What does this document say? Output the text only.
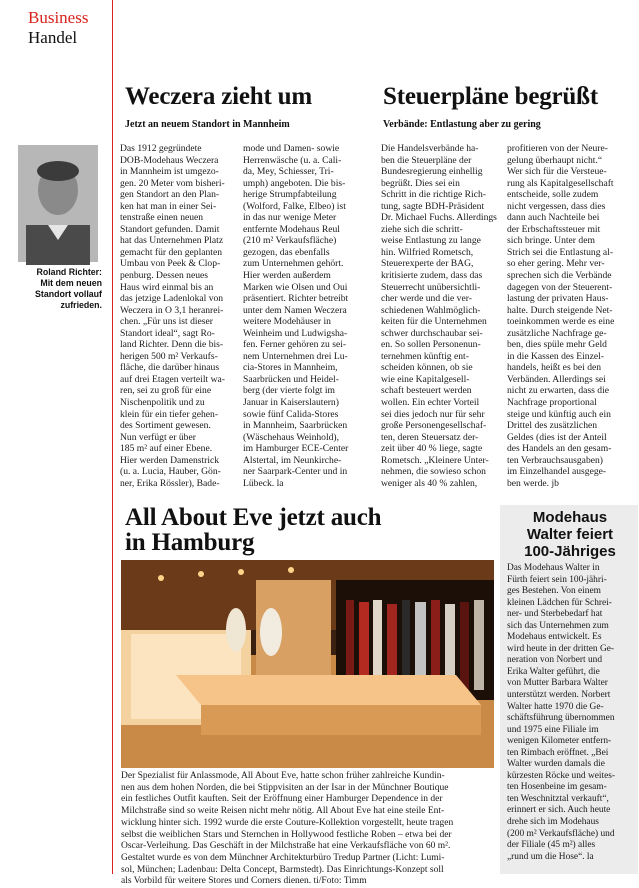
Business
Handel
Roland Richter:
Mit dem neuen
Standort vollauf
zufrieden.
Weczera zieht um
Jetzt an neuem Standort in Mannheim
Das 1912 gegründete
DOB-Modehaus Weczera
in Mannheim ist umgezo-
gen. 20 Meter vom bisheri-
gen Standort an den Plan-
ken hat man in einer Sei-
tenstraße einen neuen
Standort gefunden. Damit
hat das Unternehmen Platz
gemacht für den geplanten
Umbau von Peek & Clop-
penburg. Dessen neues
Haus wird einmal bis an
das jetzige Ladenlokal von
Weczera in O 3,1 heranrei-
chen. „Für uns ist dieser
Standort ideal“, sagt Ro-
land Richter. Denn die bis-
herigen 500 m² Verkaufs-
fläche, die darüber hinaus
auf drei Etagen verteilt wa-
ren, sei zu groß für eine
Nischenpolitik und zu
klein für ein tiefer gehen-
des Sortiment gewesen.
Nun verfügt er über
185 m² auf einer Ebene.
Hier werden Damenstrick
(u. a. Lucia, Hauber, Gön-
ner, Erika Rössler), Bade-
mode und Damen- sowie
Herrenwäsche (u. a. Cali-
da, Mey, Schiesser, Tri-
umph) angeboten. Die bis-
herige Strumpfabteilung
(Wolford, Falke, Elbeo) ist
in das nur wenige Meter
entfernte Modehaus Reul
(210 m² Verkaufsfläche)
gezogen, das ebenfalls
zum Unternehmen gehört.
Hier werden außerdem
Marken wie Olsen und Oui
präsentiert. Richter betreibt
unter dem Namen Weczera
weitere Modehäuser in
Weinheim und Ludwigsha-
fen. Ferner gehören zu sei-
nem Unternehmen drei Lu-
cia-Stores in Mannheim,
Saarbrücken und Heidel-
berg (der vierte folgt im
Januar in Kaiserslautern)
sowie fünf Calida-Stores
in Mannheim, Saarbrücken
(Wäschehaus Weinhold),
im Hamburger ECE-Center
Alstertal, im Neunkirche-
ner Saarpark-Center und in
Lübeck. la
Steuerpläne begrüßt
Verbände: Entlastung aber zu gering
Die Handelsverbände ha-
ben die Steuerpläne der
Bundesregierung einhellig
begrüßt. Dies sei ein
Schritt in die richtige Rich-
tung, sagte BDH-Präsident
Dr. Michael Fuchs. Allerdings
ziehe sich die schritt-
weise Entlastung zu lange
hin. Wilfried Rometsch,
Steuerexperte der BAG,
kritisierte zudem, dass das
Steuerrecht unübersichtli-
cher werde und die ver-
schiedenen Wahlmöglich-
keiten für die Unternehmen
schwer durchschaubar sei-
en. So sollen Personenun-
ternehmen künftig ent-
scheiden können, ob sie
wie eine Kapitalgesell-
schaft besteuert werden
wollen. Ein echter Vorteil
sei dies jedoch nur für sehr
große Personengesellschaf-
ten, deren Steuersatz der-
zeit über 40 % liege, sagte
Rometsch. „Kleinere Unter-
nehmen, die sowieso schon
weniger als 40 % zahlen,
profitieren von der Neure-
gelung überhaupt nicht.“
Wer sich für die Versteue-
rung als Kapitalgesellschaft
entscheide, solle zudem
nicht vergessen, dass dies
dann auch Nachteile bei
der Erbschaftssteuer mit
sich bringe. Unter dem
Strich sei die Entlastung al-
so eher gering. Mehr ver-
sprechen sich die Verbände
dagegen von der Steuerent-
lastung der privaten Haus-
halte. Durch steigende Net-
toeinkommen werde es eine
zusätzliche Nachfrage ge-
ben, dies spüle mehr Geld
in die Kassen des Einzel-
handels, heißt es bei den
Verbänden. Allerdings sei
nicht zu erwarten, dass die
Nachfrage proportional
steige und künftig auch ein
Drittel des zusätzlichen
Geldes (dies ist der Anteil
des Handels an den gesam-
ten Verbrauchsausgaben)
im Einzelhandel ausgege-
ben werde. jb
All About Eve jetzt auch
in Hamburg
Der Spezialist für Anlassmode, All About Eve, hatte schon früher zahlreiche Kundin-
nen aus dem hohen Norden, die bei Stippvisiten an der Isar in der Münchner Boutique
ein festliches Outfit kauften. Seit der Eröffnung einer Hamburger Dependence in der
Milchstraße sind so weite Reisen nicht mehr nötig. All About Eve hat eine steile Ent-
wicklung hinter sich. 1992 wurde die erste Couture-Kollektion vorgestellt, heute tragen
selbst die weiblichen Stars und Sternchen in Hollywood festliche Roben – etwa bei der
Oscar-Verleihung. Das Geschäft in der Milchstraße hat eine Verkaufsfläche von 60 m².
Gestaltet wurde es von dem Münchner Architekturbüro Tredup Partner (Licht: Lumi-
sol, München; Ladenbau: Delta Concept, Barmstedt). Das Einrichtungs-Konzept soll
als Vorbild für weitere Stores und Corners dienen. ti/Foto: Timm
Modehaus
Walter feiert
100-Jähriges
Das Modehaus Walter in
Fürth feiert sein 100-jähri-
ges Bestehen. Von einem
kleinen Lädchen für Schrei-
ner- und Sterbebedarf hat
sich das Unternehmen zum
Modehaus entwickelt. Es
wird heute in der dritten Ge-
neration von Norbert und
Erika Walter geführt, die
von Mutter Barbara Walter
unterstützt werden. Norbert
Walter hatte 1970 die Ge-
schäftsführung übernommen
und 1975 eine Filiale im
wenigen Kilometer entfern-
ten Rimbach eröffnet. „Bei
Walter wurden damals die
kürzesten Röcke und weites-
ten Hosenbeine im gesam-
ten Weschnitztal verkauft“,
erinnert er sich. Auch heute
drehe sich im Modehaus
(200 m² Verkaufsfläche) und
der Filiale (45 m²) alles
„rund um die Hose“. la
